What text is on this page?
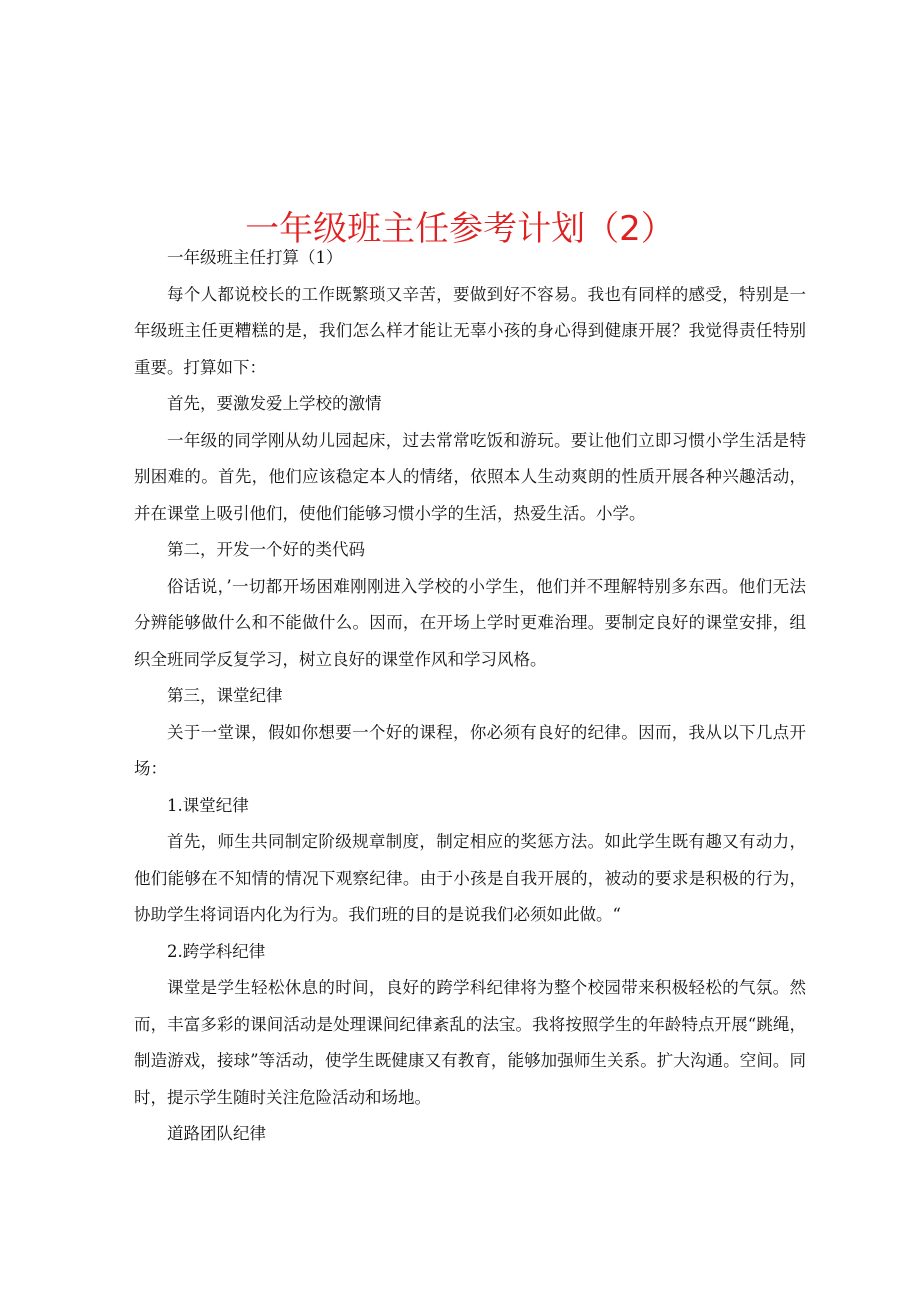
一年级班主任参考计划（2）

一年级班主任打算（1）

每个人都说校长的工作既繁琐又辛苦，要做到好不容易。我也有同样的感受，特别是一年级班主任更糟糕的是，我们怎么样才能让无辜小孩的身心得到健康开展？我觉得责任特别重要。打算如下：

首先，要激发爱上学校的激情

一年级的同学刚从幼儿园起床，过去常常吃饭和游玩。要让他们立即习惯小学生活是特别困难的。首先，他们应该稳定本人的情绪，依照本人生动爽朗的性质开展各种兴趣活动，并在课堂上吸引他们，使他们能够习惯小学的生活，热爱生活。小学。

第二，开发一个好的类代码

俗话说，’一切都开场困难刚刚进入学校的小学生，他们并不理解特别多东西。他们无法分辨能够做什么和不能做什么。因而，在开场上学时更难治理。要制定良好的课堂安排，组织全班同学反复学习，树立良好的课堂作风和学习风格。

第三，课堂纪律

关于一堂课，假如你想要一个好的课程，你必须有良好的纪律。因而，我从以下几点开场：

1.课堂纪律

首先，师生共同制定阶级规章制度，制定相应的奖惩方法。如此学生既有趣又有动力，他们能够在不知情的情况下观察纪律。由于小孩是自我开展的，被动的要求是积极的行为，协助学生将词语内化为行为。我们班的目的是说我们必须如此做。“

2.跨学科纪律

课堂是学生轻松休息的时间，良好的跨学科纪律将为整个校园带来积极轻松的气氛。然而，丰富多彩的课间活动是处理课间纪律紊乱的法宝。我将按照学生的年龄特点开展“跳绳，制造游戏，接球”等活动，使学生既健康又有教育，能够加强师生关系。扩大沟通。空间。同时，提示学生随时关注危险活动和场地。

道路团队纪律
